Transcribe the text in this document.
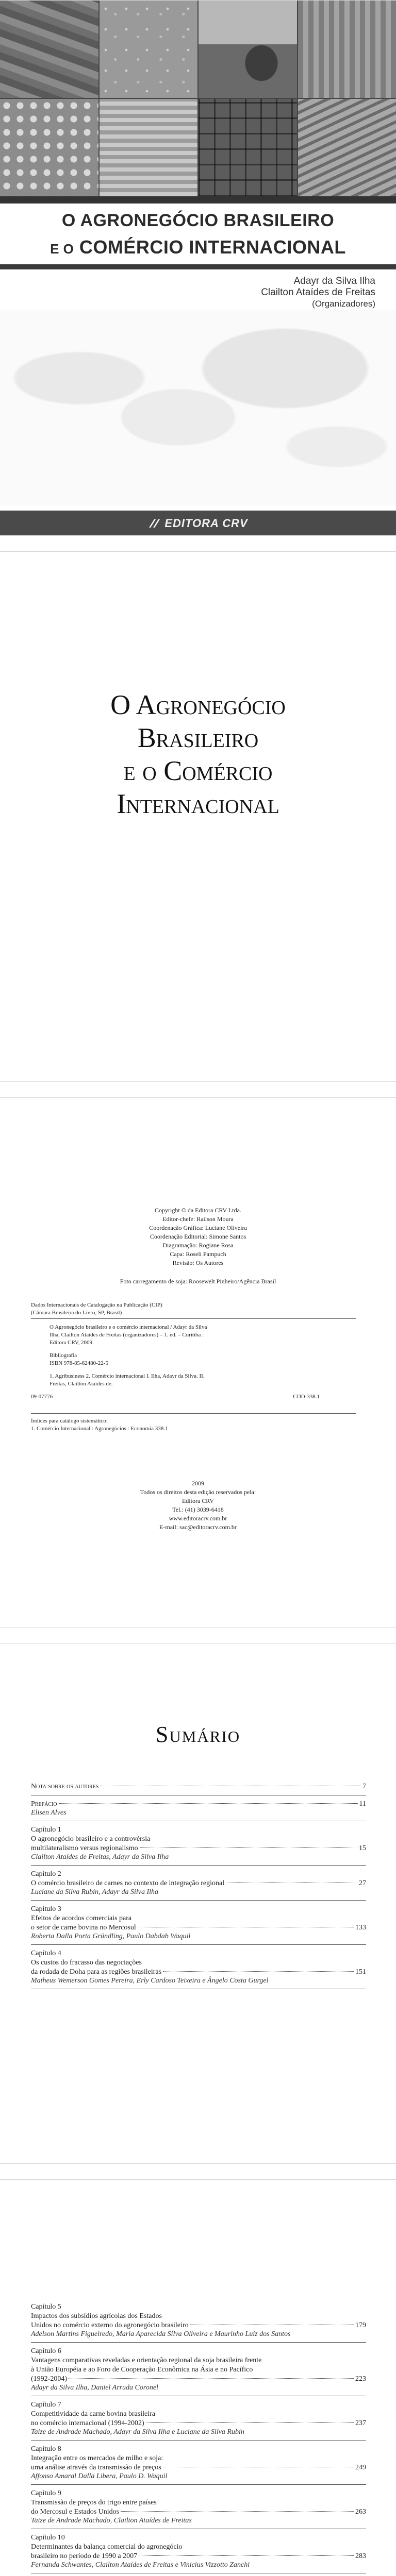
O AGRONEGÓCIO BRASILEIRO
E O COMÉRCIO INTERNACIONAL
Adayr da Silva Ilha
Clailton Ataídes de Freitas
(Organizadores)
EDITORA CRV
O Agronegócio
Brasileiro
e o Comércio
Internacional
Copyright © da Editora CRV Ltda.
Editor-chefe: Railson Moura
Coordenação Gráfica: Luciane Oliveira
Coordenação Editorial: Simone Santos
Diagramação: Rogiane Rosa
Capa: Roseli Pampuch
Revisão: Os Autores
Foto carregamento de soja: Roosewelt Pinheiro/Agência Brasil
Dados Internacionais de Catalogação na Publicação (CIP)
(Câmara Brasileira do Livro, SP, Brasil)
O Agronegócio brasileiro e o comércio internacional / Adayr da Silva
Ilha, Clailton Ataídes de Freitas (organizadores) – 1. ed. – Curitiba :
Editora CRV, 2009.
Bibliografia
ISBN 978-85-62480-22-5
1. Agribusiness 2. Comércio internacional I. Ilha, Adayr da Silva. II.
Freitas, Clailton Ataídes de.
09-07776	CDD-338.1
Índices para catálogo sistemático:
1. Comércio Internacional : Agronegócios : Economia 338.1
2009
Todos os direitos desta edição reservados pela:
Editora CRV
Tel.: (41) 3039-6418
www.editoracrv.com.br
E-mail: sac@editoracrv.com.br
Sumário
Nota sobre os autores	7
Prefácio	11
Elisen Alves
Capítulo 1
O agronegócio brasileiro e a controvérsia
multilateralismo versus regionalismo	15
Clailton Ataídes de Freitas, Adayr da Silva Ilha
Capítulo 2
O comércio brasileiro de carnes no contexto de integração regional	27
Luciane da Silva Rubin, Adayr da Silva Ilha
Capítulo 3
Efeitos de acordos comerciais para
o setor de carne bovina no Mercosul	133
Roberta Dalla Porta Gründling, Paulo Dabdab Waquil
Capítulo 4
Os custos do fracasso das negociações
da rodada de Doha para as regiões brasileiras	151
Matheus Wemerson Gomes Pereira, Erly Cardoso Teixeira e Ângelo Costa Gurgel
Capítulo 5
Impactos dos subsídios agrícolas dos Estados
Unidos no comércio externo do agronegócio brasileiro	179
Adelson Martins Figueiredo, Maria Aparecida Silva Oliveira e Maurinho Luiz dos Santos
Capítulo 6
Vantagens comparativas reveladas e orientação regional da soja brasileira frente
à União Européia e ao Foro de Cooperação Econômica na Ásia e no Pacífico
(1992-2004)	223
Adayr da Silva Ilha, Daniel Arruda Coronel
Capítulo 7
Competitividade da carne bovina brasileira
no comércio internacional (1994-2002)	237
Taize de Andrade Machado, Adayr da Silva Ilha e Luciane da Silva Rubin
Capítulo 8
Integração entre os mercados de milho e soja:
uma análise através da transmissão de preços	249
Affonso Amaral Dalla Libera, Paulo D. Waquil
Capítulo 9
Transmissão de preços do trigo entre países
do Mercosul e Estados Unidos	263
Taize de Andrade Machado, Clailton Ataídes de Freitas
Capítulo 10
Determinantes da balança comercial do agronegócio
brasileiro no período de 1990 a 2007	283
Fernanda Schwantes, Clailton Ataídes de Freitas e Vinicius Vizzotto Zanchi
